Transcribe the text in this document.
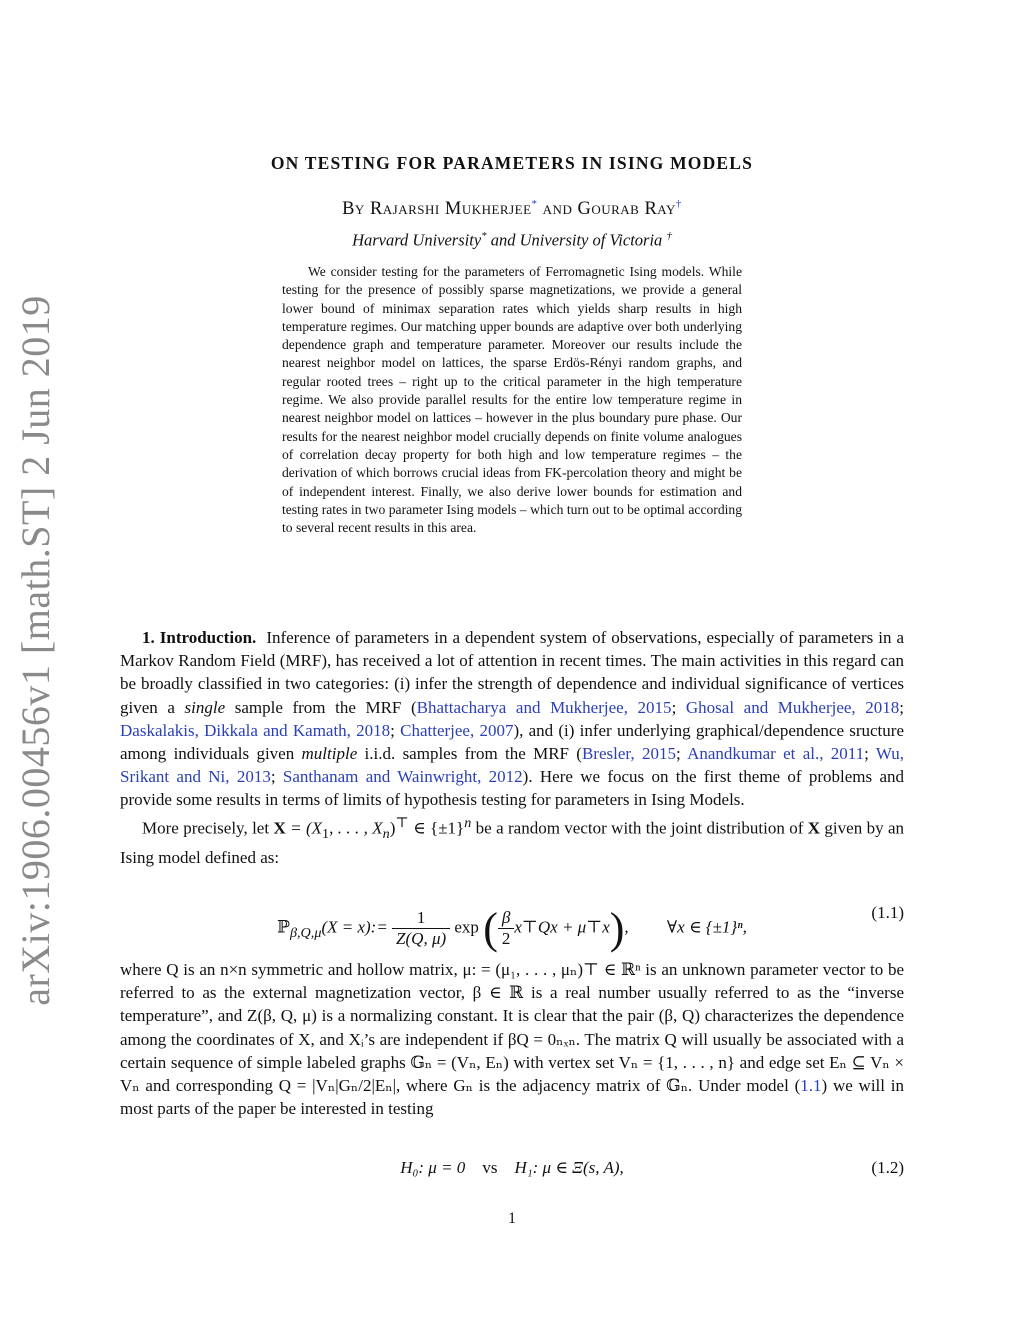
arXiv:1906.00456v1 [math.ST] 2 Jun 2019
ON TESTING FOR PARAMETERS IN ISING MODELS
By Rajarshi Mukherjee* and Gourab Ray†
Harvard University* and University of Victoria †

We consider testing for the parameters of Ferromagnetic Ising models. While testing for the presence of possibly sparse magnetizations, we provide a general lower bound of minimax separation rates which yields sharp results in high temperature regimes. Our matching upper bounds are adaptive over both underlying dependence graph and temperature parameter. Moreover our results include the nearest neighbor model on lattices, the sparse Erdös-Rényi random graphs, and regular rooted trees – right up to the critical parameter in the high temperature regime. We also provide parallel results for the entire low temperature regime in nearest neighbor model on lattices – however in the plus boundary pure phase. Our results for the nearest neighbor model crucially depends on finite volume analogues of correlation decay property for both high and low temperature regimes – the derivation of which borrows crucial ideas from FK-percolation theory and might be of independent interest. Finally, we also derive lower bounds for estimation and testing rates in two parameter Ising models – which turn out to be optimal according to several recent results in this area.

1. Introduction. Inference of parameters in a dependent system of observations, especially of parameters in a Markov Random Field (MRF), has received a lot of attention in recent times. The main activities in this regard can be broadly classified in two categories: (i) infer the strength of dependence and individual significance of vertices given a single sample from the MRF (Bhattacharya and Mukherjee, 2015; Ghosal and Mukherjee, 2018; Daskalakis, Dikkala and Kamath, 2018; Chatterjee, 2007), and (i) infer underlying graphical/dependence sructure among individuals given multiple i.i.d. samples from the MRF (Bresler, 2015; Anandkumar et al., 2011; Wu, Srikant and Ni, 2013; Santhanam and Wainwright, 2012). Here we focus on the first theme of problems and provide some results in terms of limits of hypothesis testing for parameters in Ising Models.

More precisely, let $X = (X_1$, . . . , $X_n)^⊤$ ∈ $\{\pm 1\}^n$ be a random vector with the joint distribution of X given by an Ising model defined as:

ℙ$_{\beta,Q,\mu}$(X = x):= $\frac{1}{Z(Q, \mu)}$ exp ( $\frac{\beta}{2}$ x⊤Qx + μ⊤x), ∀x ∈ {±1}ⁿ,
(1.1)

where Q is an n×n symmetric and hollow matrix, μ: = (μ₁, . . . , μₙ)⊤ ∈ ℝⁿ is an unknown parameter vector to be referred to as the external magnetization vector, β ∈ ℝ is a real number usually referred to as the “inverse temperature”, and Z(β, Q, μ) is a normalizing constant. It is clear that the pair (β, Q) characterizes the dependence among the coordinates of X, and Xᵢ’s are independent if βQ = 0ₙₓₙ. The matrix Q will usually be associated with a certain sequence of simple labeled graphs 𝔾ₙ = (Vₙ, Eₙ) with vertex set Vₙ = {1, . . . , n} and edge set Eₙ ⊆ Vₙ × Vₙ and corresponding Q = |Vₙ|Gₙ/2|Eₙ|, where Gₙ is the adjacency matrix of 𝔾ₙ. Under model (1.1) we will in most parts of the paper be interested in testing

H₀: μ = 0 vs H₁: μ ∈ Ξ(s, A),	(1.2)
1
